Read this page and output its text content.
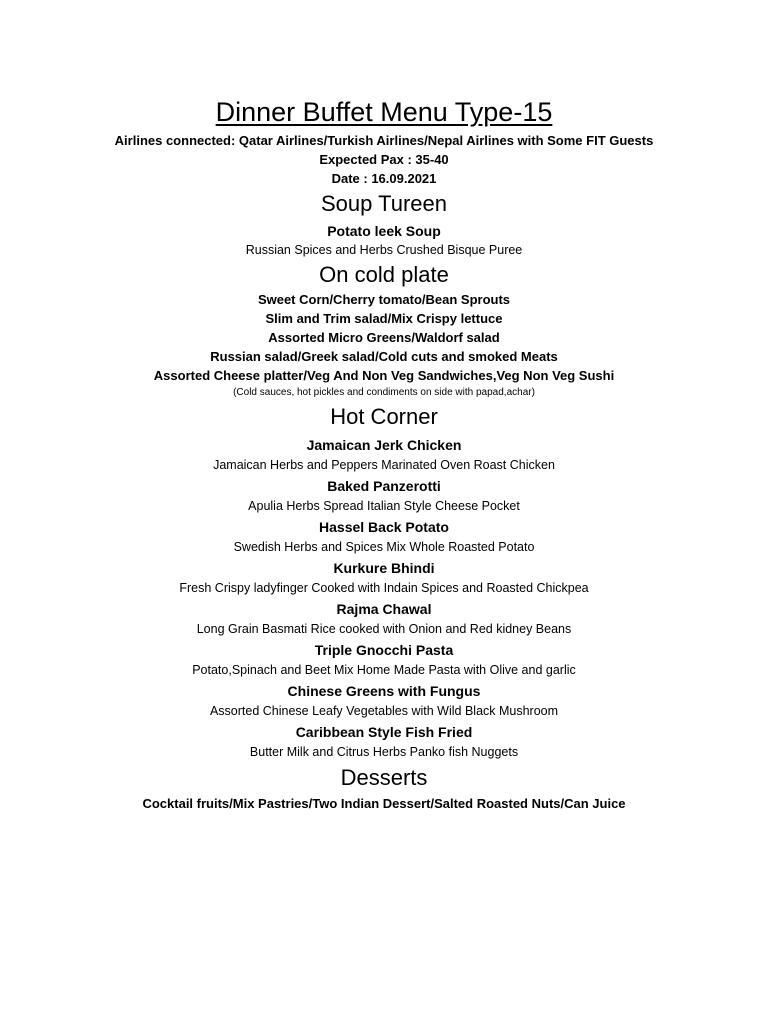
Dinner Buffet Menu Type-15
Airlines connected: Qatar Airlines/Turkish Airlines/Nepal Airlines with Some FIT Guests
Expected Pax : 35-40
Date : 16.09.2021
Soup Tureen
Potato leek Soup
Russian Spices and Herbs Crushed Bisque Puree
On cold plate
Sweet Corn/Cherry tomato/Bean Sprouts
Slim and Trim salad/Mix Crispy lettuce
Assorted Micro Greens/Waldorf salad
Russian salad/Greek salad/Cold cuts and smoked Meats
Assorted Cheese platter/Veg And Non Veg Sandwiches,Veg Non Veg Sushi
(Cold sauces, hot pickles and condiments on side with papad,achar)
Hot Corner
Jamaican Jerk Chicken
Jamaican Herbs and Peppers Marinated Oven Roast Chicken
Baked Panzerotti
Apulia Herbs Spread Italian Style Cheese Pocket
Hassel Back Potato
Swedish Herbs and Spices Mix Whole Roasted Potato
Kurkure Bhindi
Fresh Crispy ladyfinger Cooked with Indain Spices and Roasted Chickpea
Rajma Chawal
Long Grain Basmati Rice cooked with Onion and Red kidney Beans
Triple Gnocchi Pasta
Potato,Spinach and Beet Mix Home Made Pasta with Olive and garlic
Chinese Greens with Fungus
Assorted Chinese Leafy Vegetables with Wild Black Mushroom
Caribbean Style Fish Fried
Butter Milk and Citrus Herbs Panko fish Nuggets
Desserts
Cocktail fruits/Mix Pastries/Two Indian Dessert/Salted Roasted Nuts/Can Juice
